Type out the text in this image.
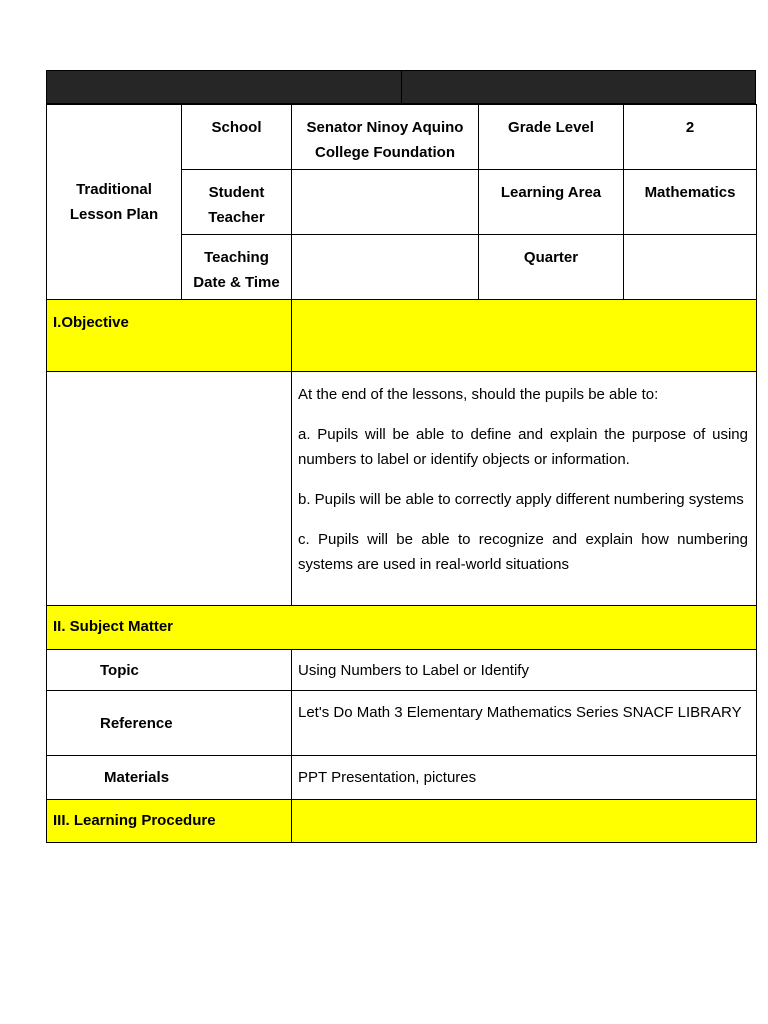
Traditional Lesson Plan	School	Senator Ninoy Aquino College Foundation	Grade Level	2
	Student Teacher		Learning Area	Mathematics
	Teaching Date & Time		Quarter	
I.Objective	

	At the end of the lessons, should the pupils be able to:

a. Pupils will be able to define and explain the purpose of using numbers to label or identify objects or information.

b. Pupils will be able to correctly apply different numbering systems

c. Pupils will be able to recognize and explain how numbering systems are used in real-world situations

II. Subject Matter	
Topic	Using Numbers to Label or Identify
Reference	Let's Do Math 3 Elementary Mathematics Series SNACF LIBRARY
Materials	PPT Presentation, pictures
III. Learning Procedure	
